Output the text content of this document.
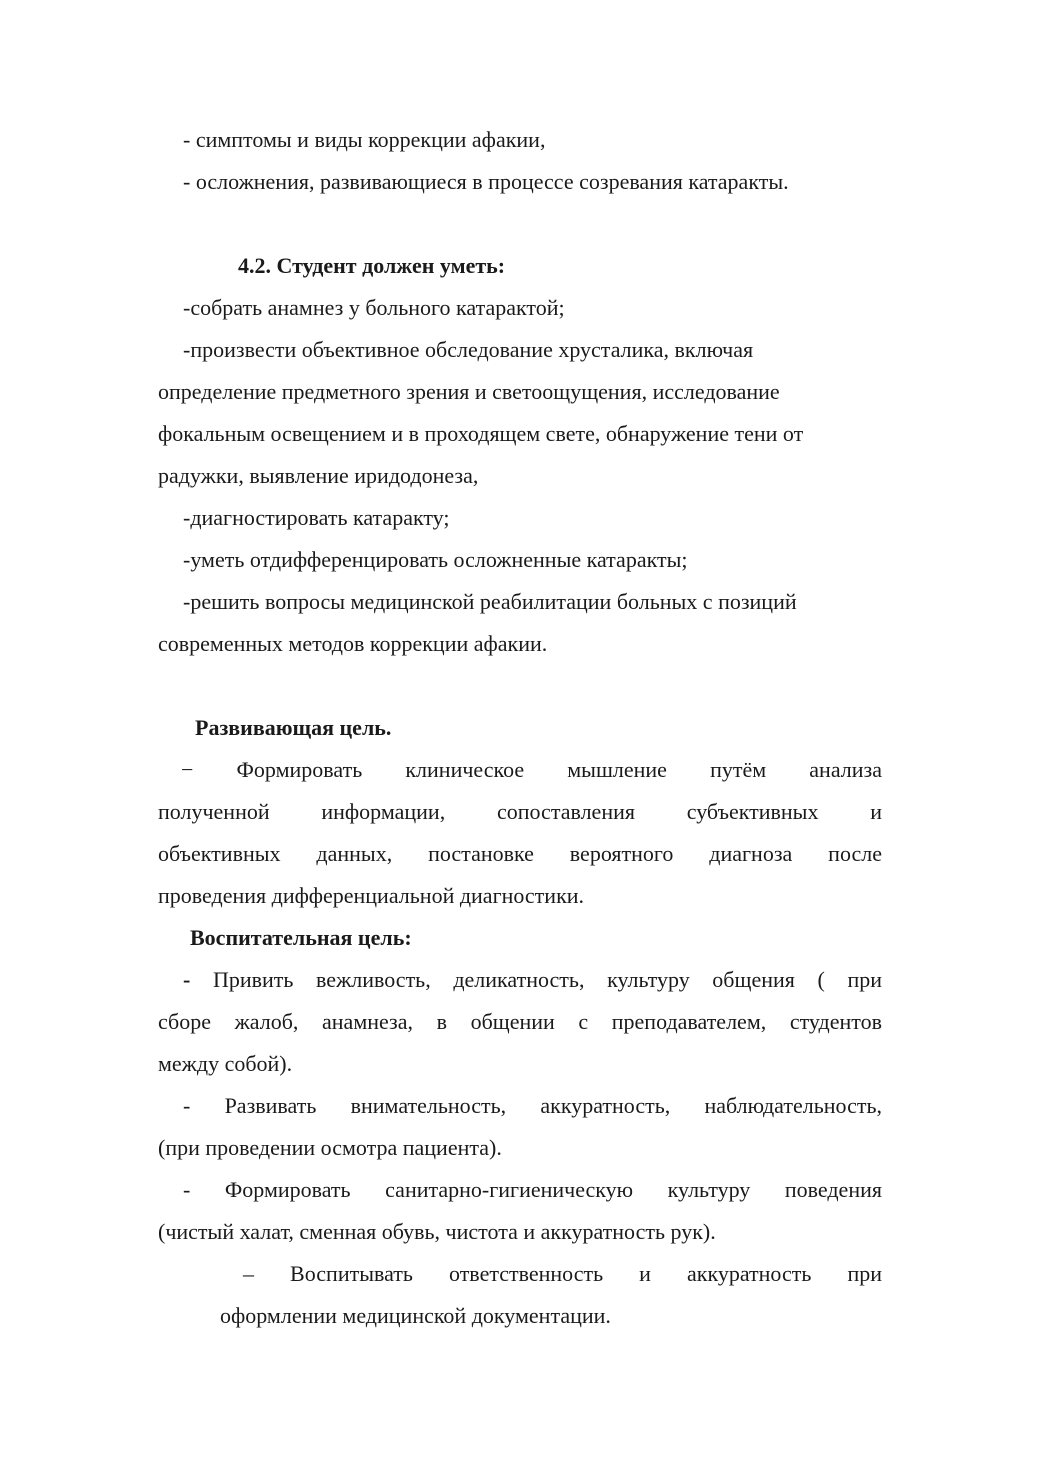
- симптомы и виды коррекции афакии,

- осложнения, развивающиеся в процессе созревания катаракты.

4.2. Студент должен уметь:

-собрать анамнез у больного катарактой;

-произвести объективное обследование хрусталика, включая

определение предметного зрения и светоощущения, исследование

фокальным освещением и в проходящем свете, обнаружение тени от

радужки, выявление иридодонеза,

-диагностировать катаракту;

-уметь отдифференцировать осложненные катаракты;

-решить вопросы медицинской реабилитации больных с позиций

современных методов коррекции афакии.

Развивающая цель.

− Формировать клиническое мышление путём анализа

полученной информации, сопоставления субъективных и

объективных данных, постановке вероятного диагноза после

проведения дифференциальной диагностики.

Воспитательная цель:

- Привить вежливость, деликатность, культуру общения ( при

сборе жалоб, анамнеза, в общении с преподавателем, студентов

между собой).

- Развивать внимательность, аккуратность, наблюдательность,

(при проведении осмотра пациента).

- Формировать санитарно-гигиеническую культуру поведения

(чистый халат, сменная обувь, чистота и аккуратность рук).

– Воспитывать ответственность и аккуратность при

оформлении медицинской документации.
